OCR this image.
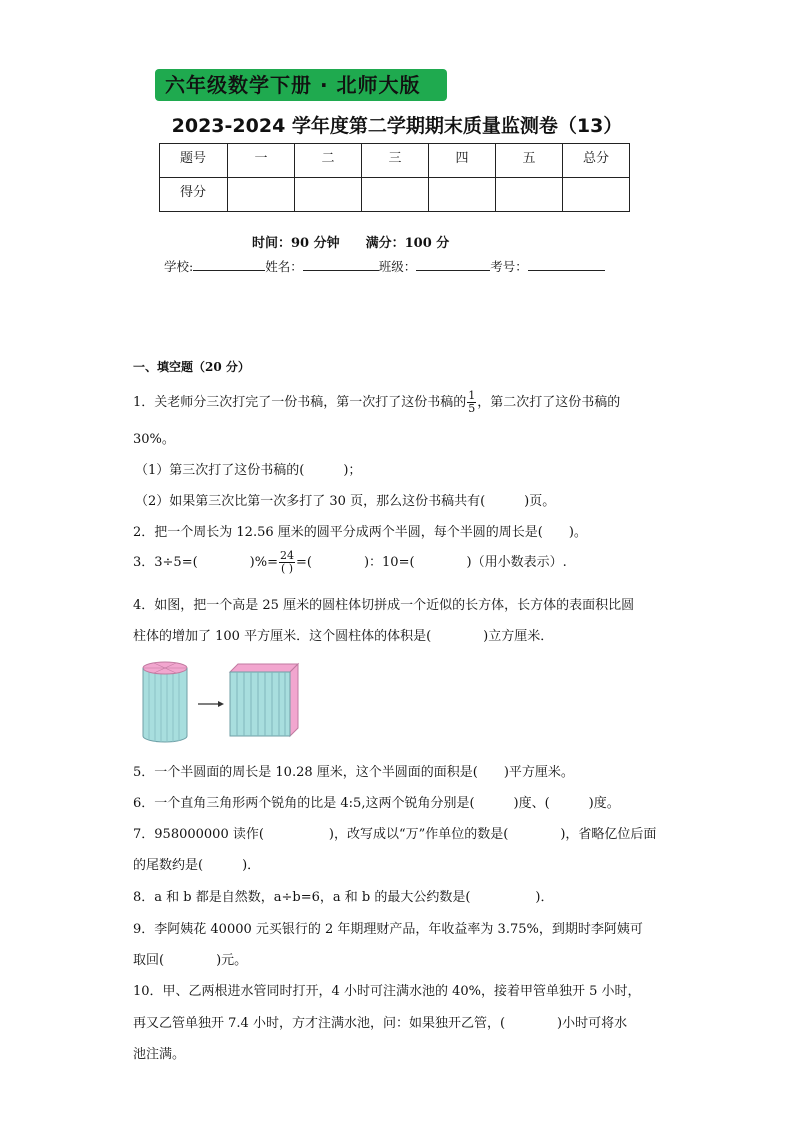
六年级数学下册 · 北师大版
2023-2024 学年度第二学期期末质量监测卷（13）
题号	一	二	三	四	五	总分
得分						
时间：90 分钟 满分：100 分
学校:	姓名：	班级：	考号：
一、填空题（20 分）
1．关老师分三次打完了一份书稿，第一次打了这份书稿的 $\frac{1}{5}$ ，第二次打了这份书稿的
30%。
（1）第三次打了这份书稿的(　　　)；
（2）如果第三次比第一次多打了 30 页，那么这份书稿共有(　　　)页。
2．把一个周长为 12.56 厘米的圆平分成两个半圆，每个半圆的周长是(　　)。
3．3÷5=(　　　　)%= $\frac{24}{( )}$ =(　　　　)：10=(　　　　)（用小数表示）.
4．如图，把一个高是 25 厘米的圆柱体切拼成一个近似的长方体，长方体的表面积比圆
柱体的增加了 100 平方厘米．这个圆柱体的体积是(　　　　)立方厘米．
5．一个半圆面的周长是 10.28 厘米，这个半圆面的面积是(　　)平方厘米。
6．一个直角三角形两个锐角的比是 4:5,这两个锐角分别是(　　　)度、(　　　)度。
7．958000000 读作(　　　　　)，改写成以“万”作单位的数是(　　　　)，省略亿位后面
的尾数约是(　　　)．
8．a 和 b 都是自然数，a÷b=6，a 和 b 的最大公约数是(　　　　　)．
9．李阿姨花 40000 元买银行的 2 年期理财产品，年收益率为 3.75%，到期时李阿姨可
取回(　　　　)元。
10．甲、乙两根进水管同时打开，4 小时可注满水池的 40%，接着甲管单独开 5 小时，
再又乙管单独开 7.4 小时，方才注满水池，问：如果独开乙管，(　　　　)小时可将水
池注满。
